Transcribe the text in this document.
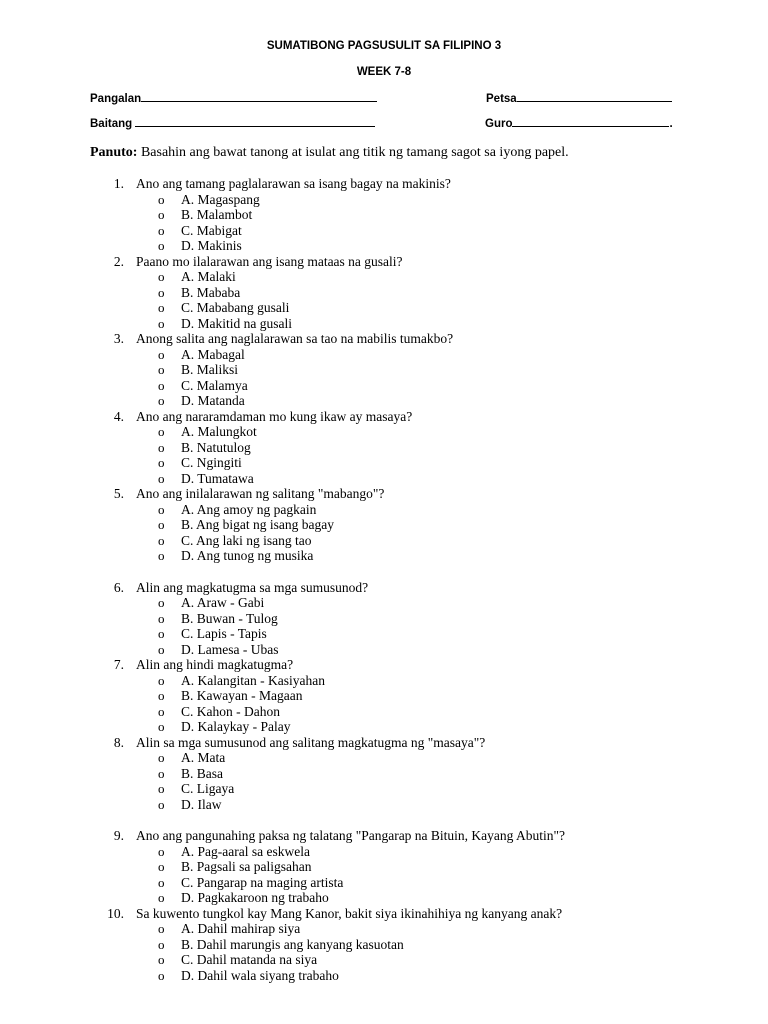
SUMATIBONG PAGSUSULIT SA FILIPINO 3
WEEK 7-8
Pangalan	Petsa
Baitang	Guro	.
Panuto: Basahin ang bawat tanong at isulat ang titik ng tamang sagot sa iyong papel.
1. Ano ang tamang paglalarawan sa isang bagay na makinis?
o A. Magaspang
o B. Malambot
o C. Mabigat
o D. Makinis
2. Paano mo ilalarawan ang isang mataas na gusali?
o A. Malaki
o B. Mababa
o C. Mababang gusali
o D. Makitid na gusali
3. Anong salita ang naglalarawan sa tao na mabilis tumakbo?
o A. Mabagal
o B. Maliksi
o C. Malamya
o D. Matanda
4. Ano ang nararamdaman mo kung ikaw ay masaya?
o A. Malungkot
o B. Natutulog
o C. Ngingiti
o D. Tumatawa
5. Ano ang inilalarawan ng salitang "mabango"?
o A. Ang amoy ng pagkain
o B. Ang bigat ng isang bagay
o C. Ang laki ng isang tao
o D. Ang tunog ng musika
6. Alin ang magkatugma sa mga sumusunod?
o A. Araw - Gabi
o B. Buwan - Tulog
o C. Lapis - Tapis
o D. Lamesa - Ubas
7. Alin ang hindi magkatugma?
o A. Kalangitan - Kasiyahan
o B. Kawayan - Magaan
o C. Kahon - Dahon
o D. Kalaykay - Palay
8. Alin sa mga sumusunod ang salitang magkatugma ng "masaya"?
o A. Mata
o B. Basa
o C. Ligaya
o D. Ilaw
9. Ano ang pangunahing paksa ng talatang "Pangarap na Bituin, Kayang Abutin"?
o A. Pag-aaral sa eskwela
o B. Pagsali sa paligsahan
o C. Pangarap na maging artista
o D. Pagkakaroon ng trabaho
10. Sa kuwento tungkol kay Mang Kanor, bakit siya ikinahihiya ng kanyang anak?
o A. Dahil mahirap siya
o B. Dahil marungis ang kanyang kasuotan
o C. Dahil matanda na siya
o D. Dahil wala siyang trabaho
